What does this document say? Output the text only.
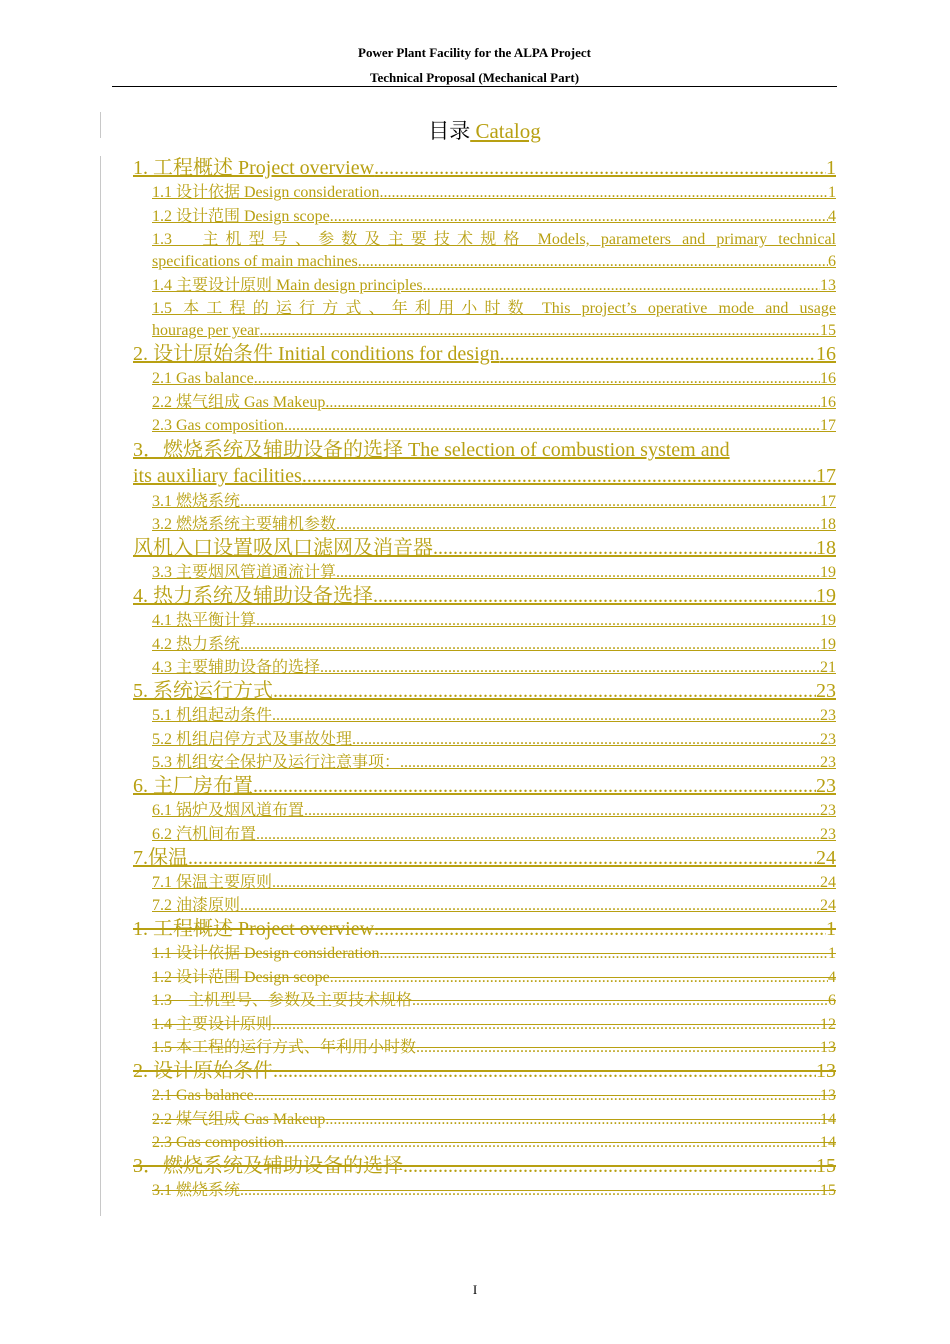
Power Plant Facility for the ALPA Project
Technical Proposal (Mechanical Part)
目录 Catalog
1. 工程概述 Project overview .....	1
1.1 设计依据 Design consideration .....	1
1.2 设计范围 Design scope .....	4
1.3　主机型号、参数及主要技术规格 Models, parameters and primary technical
specifications of main machines .....	6
1.4 主要设计原则 Main design principles .....	13
1.5 本工程的运行方式、年利用小时数 This project’s operative mode and usage
hourage per year .....	15
2. 设计原始条件 Initial conditions for design .....	16
2.1 Gas balance .....	16
2.2 煤气组成 Gas Makeup .....	16
2.3 Gas composition .....	17
3．燃烧系统及辅助设备的选择 The selection of combustion system and
its auxiliary facilities .....	17
3.1 燃烧系统 .....	17
3.2 燃烧系统主要辅机参数 .....	18
风机入口设置吸风口滤网及消音器 .....	18
3.3 主要烟风管道通流计算 .....	19
4. 热力系统及辅助设备选择 .....	19
4.1 热平衡计算 .....	19
4.2 热力系统 .....	19
4.3 主要辅助设备的选择 .....	21
5. 系统运行方式 .....	23
5.1 机组起动条件 .....	23
5.2 机组启停方式及事故处理 .....	23
5.3 机组安全保护及运行注意事项： .....	23
6. 主厂房布置 .....	23
6.1 锅炉及烟风道布置 .....	23
6.2 汽机间布置 .....	23
7.保温 .....	24
7.1 保温主要原则 .....	24
7.2 油漆原则 .....	24
1. 工程概述 Project overview .....	1
1.1 设计依据 Design consideration .....	1
1.2 设计范围 Design scope .....	4
1.3　主机型号、参数及主要技术规格 .....	6
1.4 主要设计原则 .....	12
1.5 本工程的运行方式、年利用小时数 .....	13
2. 设计原始条件 .....	13
2.1 Gas balance .....	13
2.2 煤气组成 Gas Makeup .....	14
2.3 Gas composition .....	14
3．燃烧系统及辅助设备的选择 .....	15
3.1 燃烧系统 .....	15
I
